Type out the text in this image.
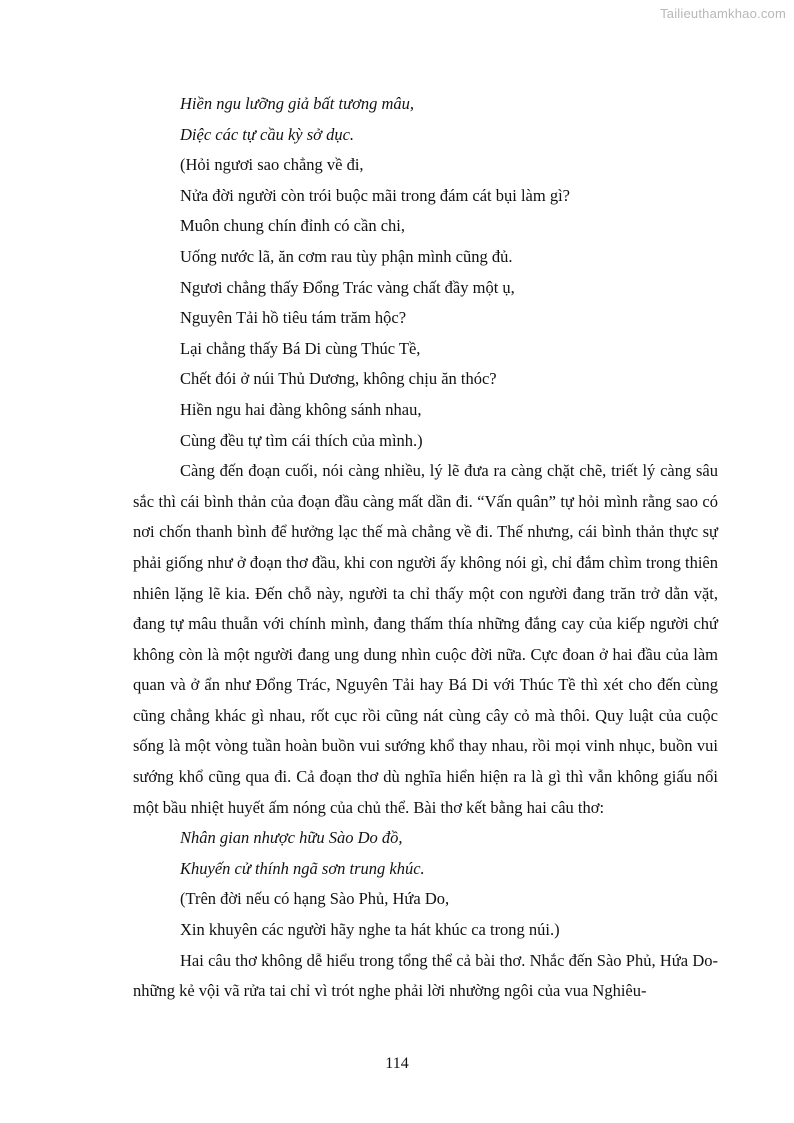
Tailieuthamkhao.com

Hiền ngu lưỡng giả bất tương mâu,

Diệc các tự cầu kỳ sở dục.

(Hỏi ngươi sao chẳng về đi,

Nửa đời người còn trói buộc mãi trong đám cát bụi làm gì?

Muôn chung chín đỉnh có cần chi,

Uống nước lã, ăn cơm rau tùy phận mình cũng đủ.

Ngươi chẳng thấy Đổng Trác vàng chất đầy một ụ,

Nguyên Tải hồ tiêu tám trăm hộc?

Lại chẳng thấy Bá Di cùng Thúc Tề,

Chết đói ở núi Thủ Dương, không chịu ăn thóc?

Hiền ngu hai đàng không sánh nhau,

Cùng đều tự tìm cái thích của mình.)

Càng đến đoạn cuối, nói càng nhiều, lý lẽ đưa ra càng chặt chẽ, triết lý càng sâu sắc thì cái bình thản của đoạn đầu càng mất dần đi. “Vấn quân” tự hỏi mình rằng sao có nơi chốn thanh bình để hưởng lạc thế mà chẳng về đi. Thế nhưng, cái bình thản thực sự phải giống như ở đoạn thơ đầu, khi con người ấy không nói gì, chỉ đắm chìm trong thiên nhiên lặng lẽ kia. Đến chỗ này, người ta chỉ thấy một con người đang trăn trở dằn vặt, đang tự mâu thuẫn với chính mình, đang thấm thía những đắng cay của kiếp người chứ không còn là một người đang ung dung nhìn cuộc đời nữa. Cực đoan ở hai đầu của làm quan và ở ẩn như Đổng Trác, Nguyên Tải hay Bá Di với Thúc Tề thì xét cho đến cùng cũng chẳng khác gì nhau, rốt cục rồi cũng nát cùng cây cỏ mà thôi. Quy luật của cuộc sống là một vòng tuần hoàn buồn vui sướng khổ thay nhau, rồi mọi vinh nhục, buồn vui sướng khổ cũng qua đi. Cả đoạn thơ dù nghĩa hiển hiện ra là gì thì vẫn không giấu nổi một bầu nhiệt huyết ấm nóng của chủ thể. Bài thơ kết bằng hai câu thơ:

Nhân gian nhược hữu Sào Do đồ,

Khuyến cử thính ngã sơn trung khúc.

(Trên đời nếu có hạng Sào Phủ, Hứa Do,

Xin khuyên các người hãy nghe ta hát khúc ca trong núi.)

Hai câu thơ không dễ hiểu trong tổng thể cả bài thơ. Nhắc đến Sào Phủ, Hứa Do- những kẻ vội vã rửa tai chỉ vì trót nghe phải lời nhường ngôi của vua Nghiêu-

114
